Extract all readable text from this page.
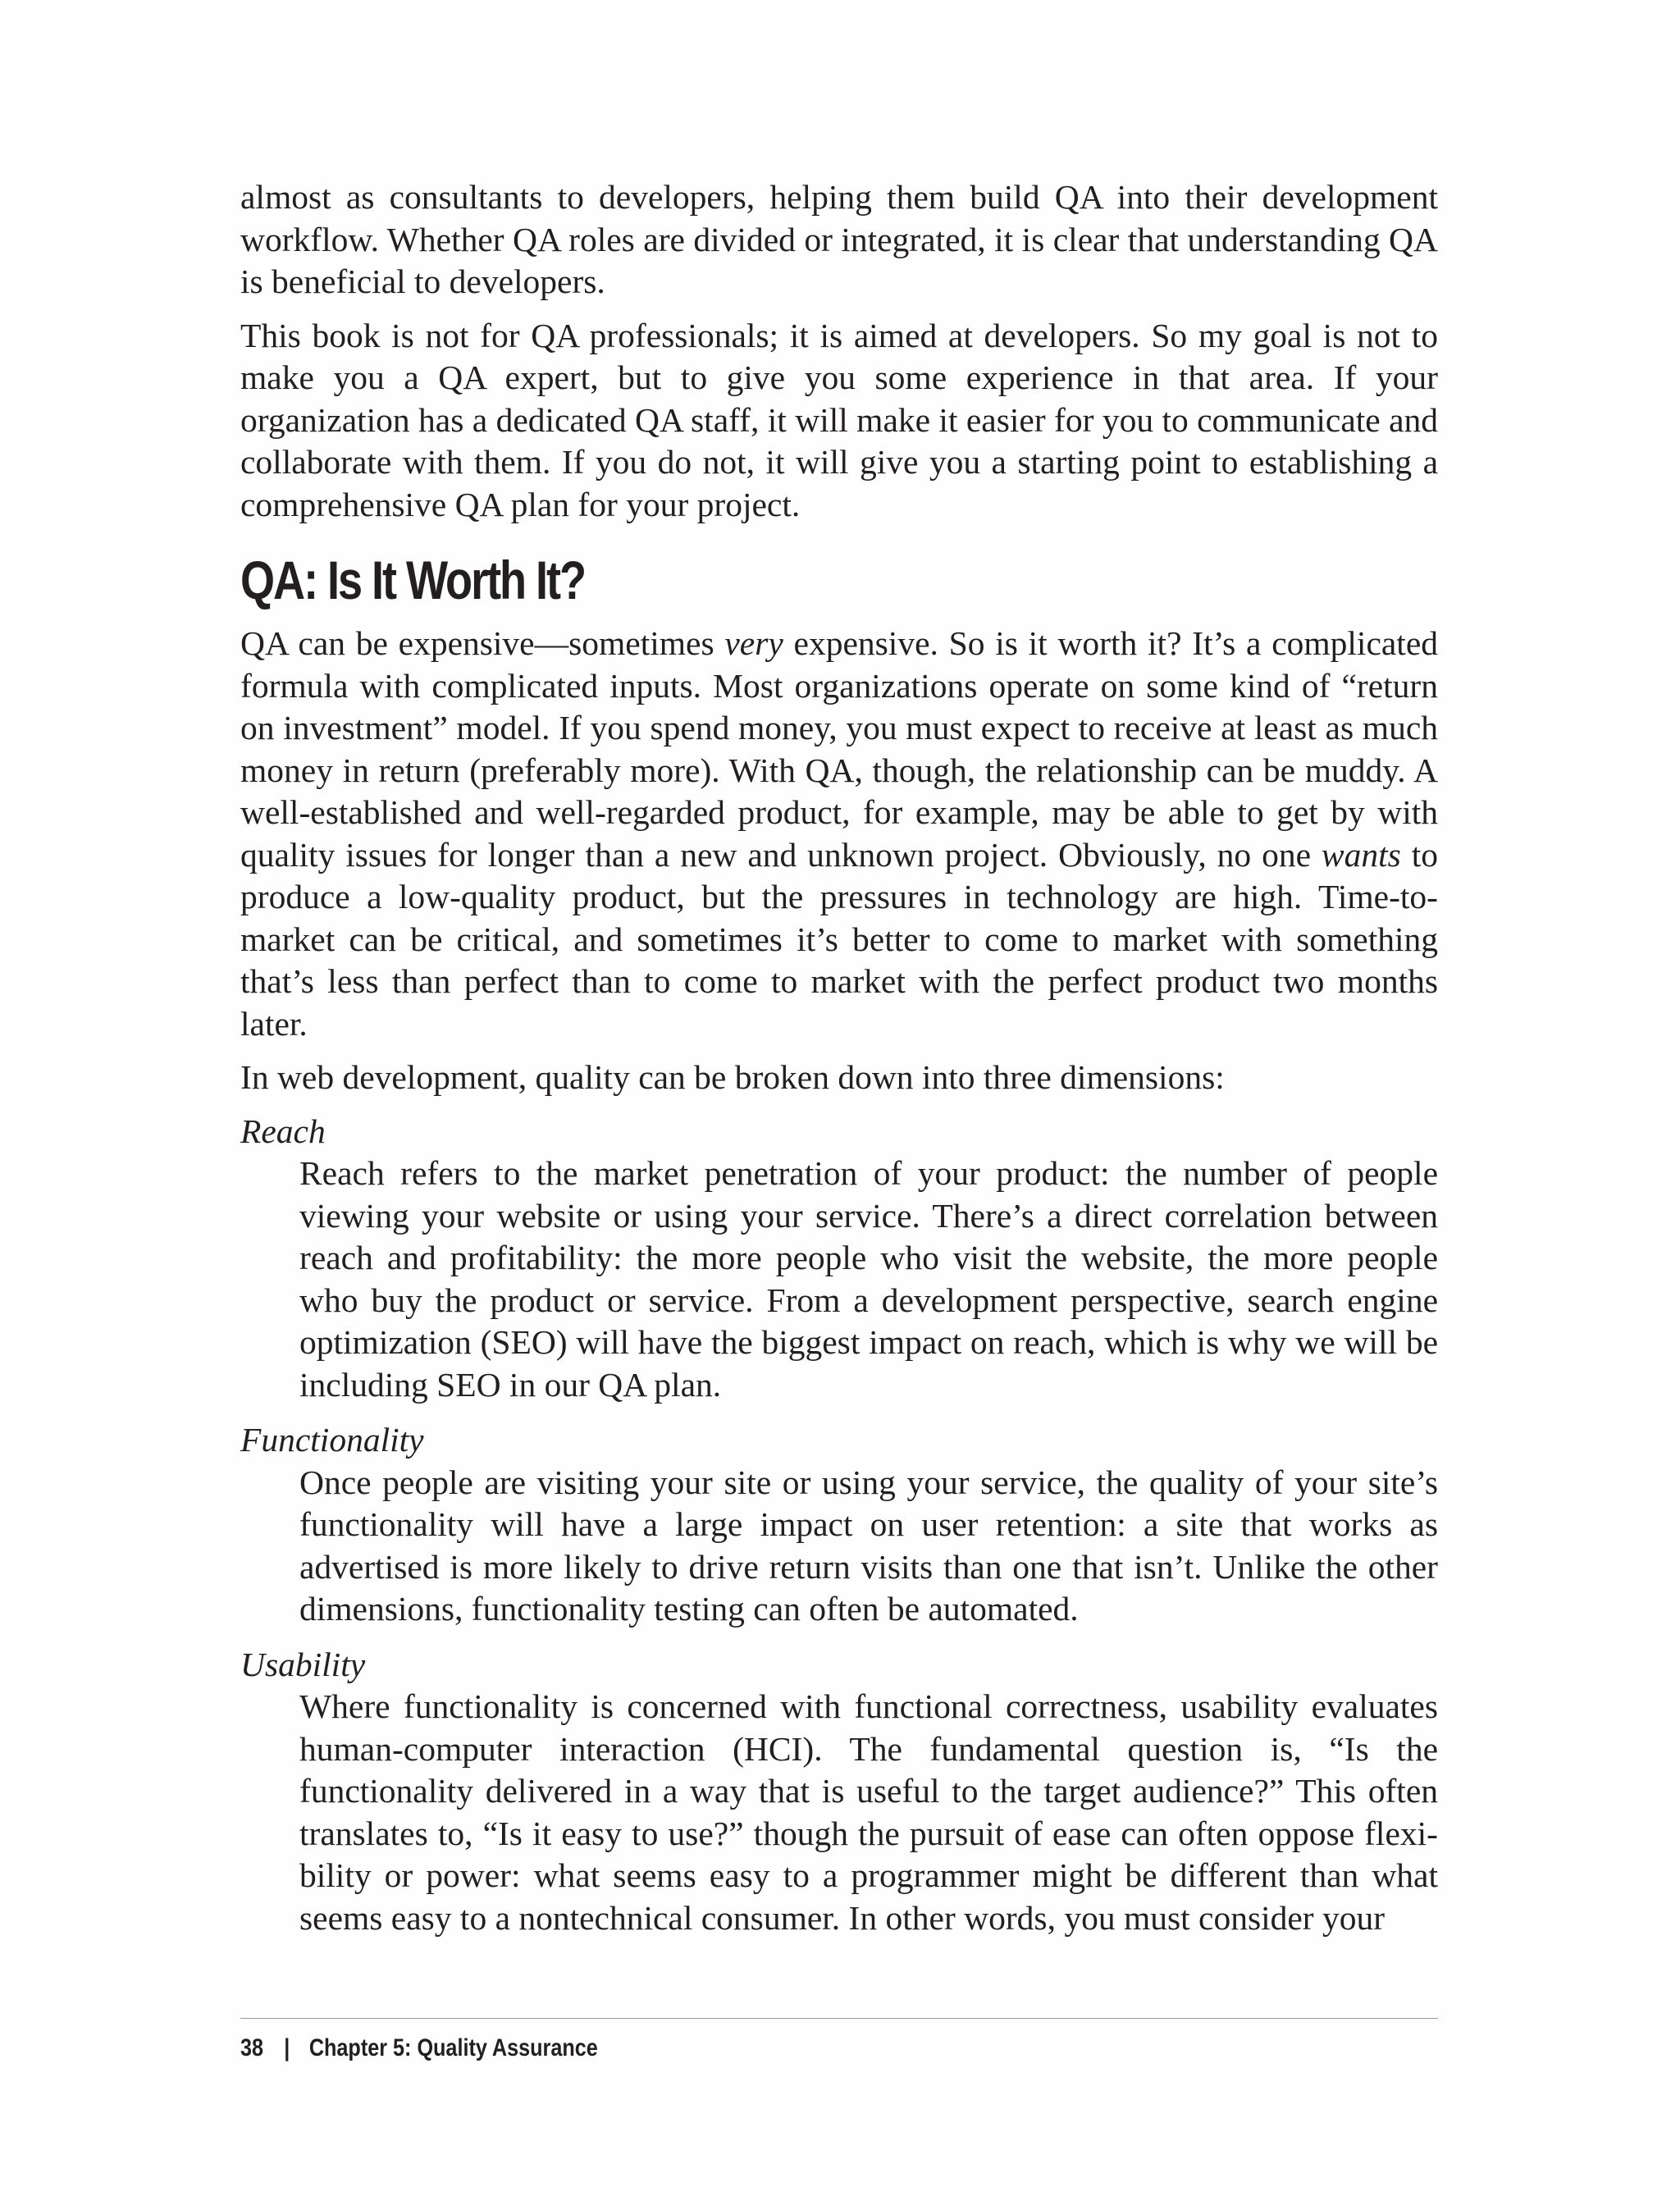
almost as consultants to developers, helping them build QA into their development workflow. Whether QA roles are divided or integrated, it is clear that understanding QA is beneficial to developers.

This book is not for QA professionals; it is aimed at developers. So my goal is not to make you a QA expert, but to give you some experience in that area. If your organization has a dedicated QA staff, it will make it easier for you to communicate and collaborate with them. If you do not, it will give you a starting point to establishing a comprehensive QA plan for your project.

QA: Is It Worth It?

QA can be expensive—sometimes very expensive. So is it worth it? It’s a complicated formula with complicated inputs. Most organizations operate on some kind of “return on investment” model. If you spend money, you must expect to receive at least as much money in return (preferably more). With QA, though, the relationship can be muddy. A well-established and well-regarded product, for example, may be able to get by with quality issues for longer than a new and unknown project. Obviously, no one wants to produce a low-quality product, but the pressures in technology are high. Time-to-market can be critical, and sometimes it’s better to come to market with something that’s less than perfect than to come to market with the perfect product two months later.

In web development, quality can be broken down into three dimensions:

Reach
Reach refers to the market penetration of your product: the number of people viewing your website or using your service. There’s a direct correlation between reach and profitability: the more people who visit the website, the more people who buy the product or service. From a development perspective, search engine optimization (SEO) will have the biggest impact on reach, which is why we will be including SEO in our QA plan.
Functionality
Once people are visiting your site or using your service, the quality of your site’s functionality will have a large impact on user retention: a site that works as advertised is more likely to drive return visits than one that isn’t. Unlike the other dimensions, functionality testing can often be automated.
Usability
Where functionality is concerned with functional correctness, usability evaluates human-computer interaction (HCI). The fundamental question is, “Is the functionality delivered in a way that is useful to the target audience?” This often translates to, “Is it easy to use?” though the pursuit of ease can often oppose flexibility or power: what seems easy to a programmer might be different than what seems easy to a nontechnical consumer. In other words, you must consider your
38 | Chapter 5: Quality Assurance
